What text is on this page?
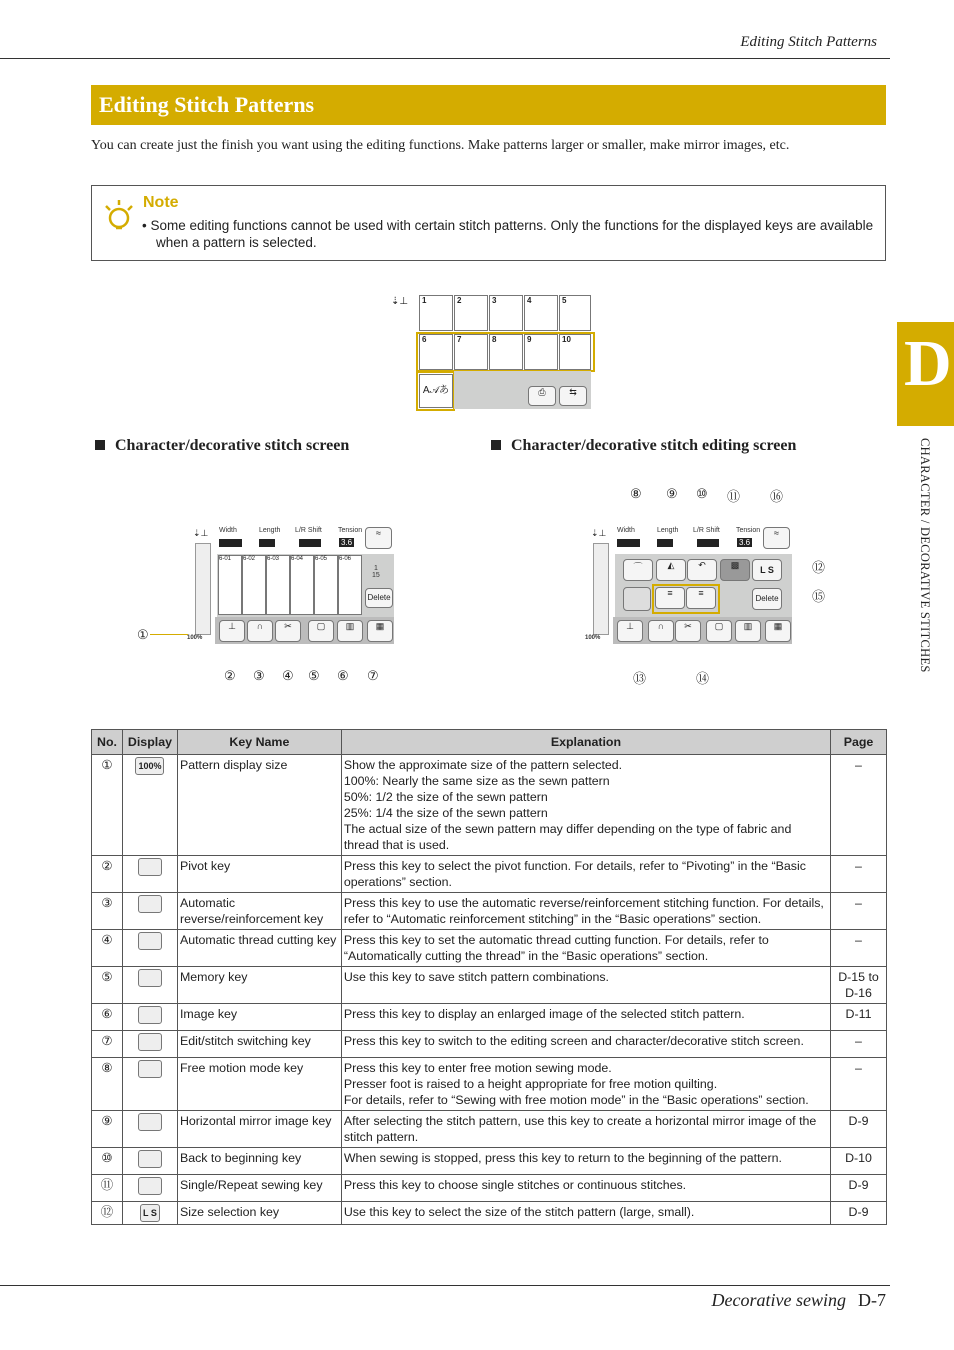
Editing Stitch Patterns
Editing Stitch Patterns
You can create just the finish you want using the editing functions. Make patterns larger or smaller, make mirror images, etc.
Note
• Some editing functions cannot be used with certain stitch patterns. Only the functions for the displayed keys are available when a pattern is selected.
D
CHARACTER / DECORATIVE STITCHES
⇣⊥ 1	2	3	4	5
6	7	8	9	10
A𝒜あ	⎙	⇆
Character/decorative stitch screen	Character/decorative stitch editing screen
⇣⊥ Width	Length L/R Shift Tension
3.6
≈
1
15
Delete
⊥	∩	✂	▢	▥	▦
100%
6-01	6-02	6-03	6-04	6-05	6-06
①
② ③ ④ ⑤ ⑥ ⑦
⇣⊥ Width	Length L/R Shift Tension
3.6
≈
⌒	◭	↶	▩	L S
≡	≡
Delete
⊥	∩	✂	▢	▥	▦
100%
⑧ ⑨ ⑩ ⑪ ⑯
⑫
⑮
⑬	⑭
No.	Display	Key Name	Explanation	Page
①	100%	Pattern display size	Show the approximate size of the pattern selected.
100%: Nearly the same size as the sewn pattern
50%: 1/2 the size of the sewn pattern
25%: 1/4 the size of the sewn pattern
The actual size of the sewn pattern may differ depending on the type of fabric and thread that is used.	–
②		Pivot key	Press this key to select the pivot function. For details, refer to “Pivoting” in the “Basic operations” section.	–
③		Automatic reverse/reinforcement key	Press this key to use the automatic reverse/reinforcement stitching function. For details, refer to “Automatic reinforcement stitching” in the “Basic operations” section.	–
④		Automatic thread cutting key	Press this key to set the automatic thread cutting function. For details, refer to “Automatically cutting the thread” in the “Basic operations” section.	–
⑤		Memory key	Use this key to save stitch pattern combinations.	D-15 to D-16
⑥		Image key	Press this key to display an enlarged image of the selected stitch pattern.	D-11
⑦		Edit/stitch switching key	Press this key to switch to the editing screen and character/decorative stitch screen.	–
⑧		Free motion mode key	Press this key to enter free motion sewing mode.
Presser foot is raised to a height appropriate for free motion quilting.
For details, refer to “Sewing with free motion mode” in the “Basic operations” section.	–
⑨		Horizontal mirror image key	After selecting the stitch pattern, use this key to create a horizontal mirror image of the stitch pattern.	D-9
⑩		Back to beginning key	When sewing is stopped, press this key to return to the beginning of the pattern.	D-10
⑪		Single/Repeat sewing key	Press this key to choose single stitches or continuous stitches.	D-9
⑫	L S	Size selection key	Use this key to select the size of the stitch pattern (large, small).	D-9
Decorative sewing D-7
